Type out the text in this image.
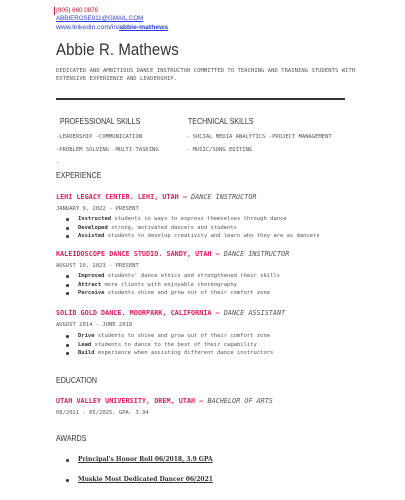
(805) 660 0876
ABBIEROSE911@GMAIL.COM
www.linkedin.com/in/abbie-mathews
Abbie R. Mathews
DEDICATED AND AMBITIOUS DANCE INSTRUCTOR COMMITTED TO TEACHING AND TRAINING STUDENTS WITH EXTENSIVE EXPERIENCE AND LEADERSHIP.
PROFESSIONAL SKILLS
-LEADERSHIP -COMMUNICATION
-PROBLEM SOLVING -MULTI-TASKING
TECHNICAL SKILLS
- SOCIAL MEDIA ANALYTICS -PROJECT MANAGEMENT
- MUSIC/SONG EDITING
.
EXPERIENCE
LEHI LEGACY CENTER. LEHI, UTAH — DANCE INSTRUCTOR
JANUARY 9, 2022 - PRESENT
Instructed students in ways to express themselves through dance
Developed strong, motivated dancers and students
Assisted students to develop creativity and learn who they are as dancers
KALEIDOSCOPE DANCE STUDIO. SANDY, UTAH — DANCE INSTRUCTOR
AUGUST 10, 2023 - PRESENT
Improved students' dance ethics and strengthened their skills
Attract more clients with enjoyable choreography
Perceive students shine and grow out of their comfort zone
SOLID GOLD DANCE. MOORPARK, CALIFORNIA — DANCE ASSISTANT
AUGUST 2014 - JUNE 2018
Drive students to shine and grow out of their comfort zone
Lead students to dance to the best of their capability
Build experience when assisting different dance instructors
EDUCATION
UTAH VALLEY UNIVERSITY, OREM, UTAH — BACHELOR OF ARTS
08/2021 - 05/2025, GPA- 3.94
AWARDS
Principal's Honor Roll 06/2018, 3.9 GPA
Muskie Most Dedicated Dancer 06/2021
